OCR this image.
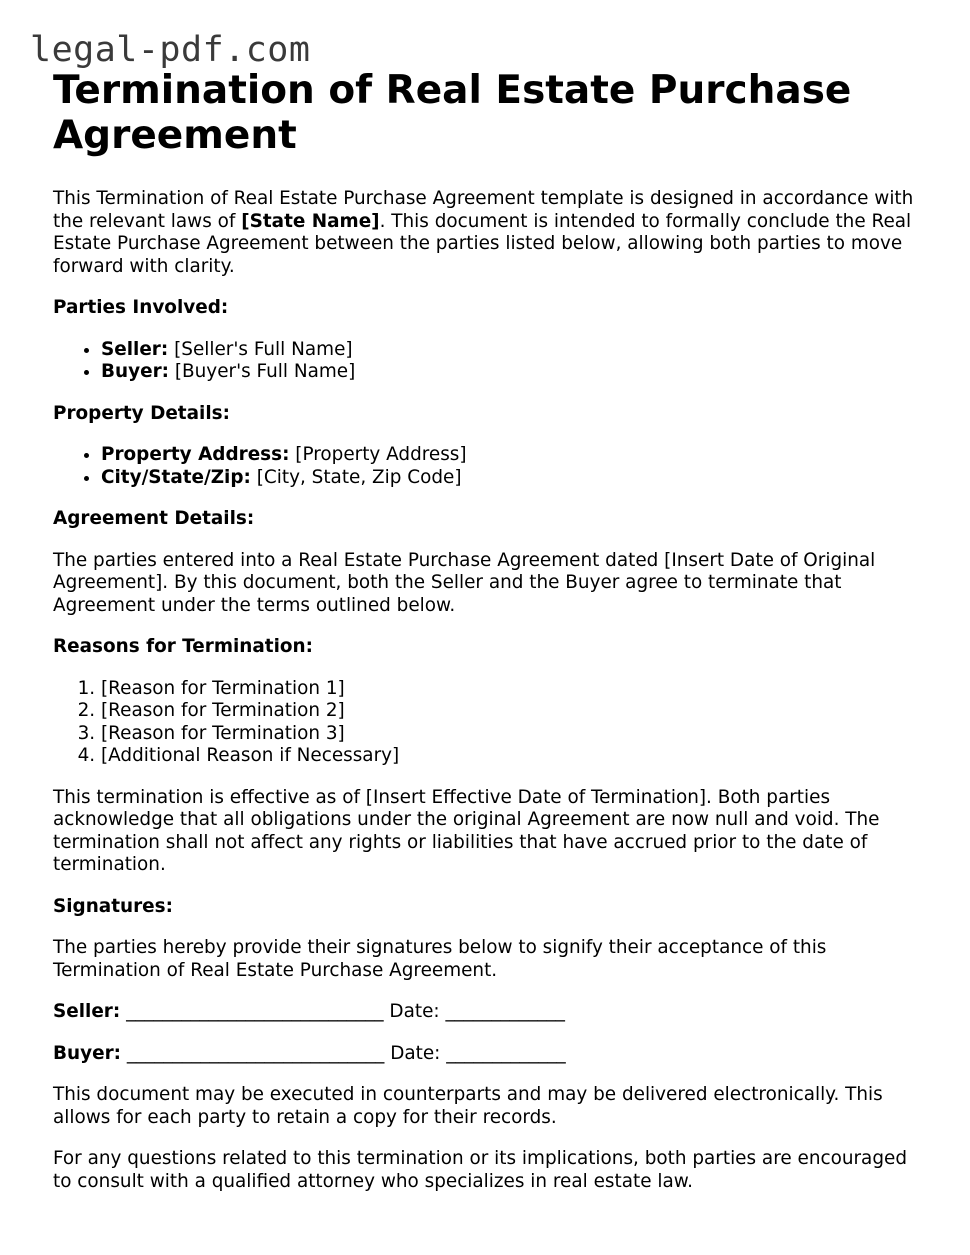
legal-pdf.com
Termination of Real Estate Purchase Agreement

This Termination of Real Estate Purchase Agreement template is designed in accordance with the relevant laws of [State Name]. This document is intended to formally conclude the Real Estate Purchase Agreement between the parties listed below, allowing both parties to move forward with clarity.

Parties Involved:

• Seller: [Seller's Full Name]
• Buyer: [Buyer's Full Name]

Property Details:

• Property Address: [Property Address]
• City/State/Zip: [City, State, Zip Code]

Agreement Details:

The parties entered into a Real Estate Purchase Agreement dated [Insert Date of Original Agreement]. By this document, both the Seller and the Buyer agree to terminate that Agreement under the terms outlined below.

Reasons for Termination:

1. [Reason for Termination 1]
2. [Reason for Termination 2]
3. [Reason for Termination 3]
4. [Additional Reason if Necessary]

This termination is effective as of [Insert Effective Date of Termination]. Both parties acknowledge that all obligations under the original Agreement are now null and void. The termination shall not affect any rights or liabilities that have accrued prior to the date of termination.

Signatures:

The parties hereby provide their signatures below to signify their acceptance of this Termination of Real Estate Purchase Agreement.

Seller: ____________________________ Date: _____________

Buyer: ____________________________ Date: _____________

This document may be executed in counterparts and may be delivered electronically. This allows for each party to retain a copy for their records.

For any questions related to this termination or its implications, both parties are encouraged to consult with a qualified attorney who specializes in real estate law.
